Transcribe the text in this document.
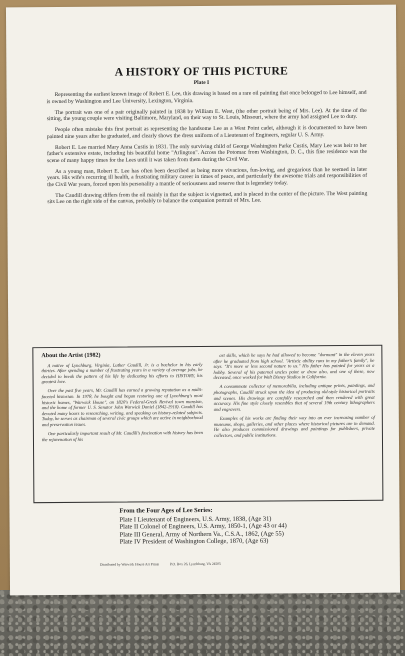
A HISTORY OF THIS PICTURE
Plate I

Representing the earliest known image of Robert E. Lee, this drawing is based on a rare oil painting that once belonged to Lee himself, and is owned by Washington and Lee University, Lexington, Virginia.

The portrait was one of a pair originally painted in 1838 by William E. West, (the other portrait being of Mrs. Lee). At the time of the sitting, the young couple were visiting Baltimore, Maryland, on their way to St. Louis, Missouri, where the army had assigned Lee to duty.

People often mistake this first portrait as representing the handsome Lee as a West Point cadet, although it is documented to have been painted nine years after he graduated, and clearly shows the dress uniform of a Lieutenant of Engineers, regular U. S. Army.

Robert E. Lee married Mary Anna Custis in 1831. The only surviving child of George Washington Parke Custis, Mary Lee was heir to her father's extensive estate, including his beautiful home "Arlington". Across the Potomac from Washington, D. C., this fine residence was the scene of many happy times for the Lees until it was taken from them during the Civil War.

As a young man, Robert E. Lee has often been described as being more vivacious, fun-loving, and gregarious than he seemed in later years. His wife's recurring ill health, a frustrating military career in times of peace, and particularly the awesome trials and responsibilities of the Civil War years, forced upon his personality a mantle of seriousness and reserve that is legendary today.

The Caudill drawing differs from the oil mainly in that the subject is vignetted, and is placed in the center of the picture. The West painting sits Lee on the right side of the canvas, probably to balance the companion portrait of Mrs. Lee.

About the Artist (1982)

A native of Lynchburg, Virginia, Luther Caudill, Jr. is a bachelor in his early thirties. After spending a number of frustrating years in a variety of average jobs, he decided to break the pattern of his life by dedicating his efforts to HISTORY, his greatest love.

Over the past five years, Mr. Caudill has earned a growing reputation as a multi-faceted historian. In 1978, he bought and began restoring one of Lynchburg's most historic homes, "Warwick House", an 1820's Federal-Greek Revival town mansion, and the home of former U. S. Senator John Warwick Daniel (1842-1910). Caudill has devoted many hours to researching, writing, and speaking on history-related subjects. Today, he serves as chairman of several civic groups which are active in neighborhood and preservation issues.

One particularly important result of Mr. Caudill's fascination with history has been the rejuvenation of his

art skills, which he says he had allowed to become "dormant" in the eleven years after he graduated from high school. "Artistic ability runs in my father's family", he says. "It's more or less second nature to us." His father has painted for years as a hobby. Several of his paternal uncles paint or draw also, and one of these, now deceased, once worked for Walt Disney Studios in California.

A consummate collector of memorabilia, including antique prints, paintings, and photographs, Caudill struck upon the idea of producing old-style historical portraits and scenes. His drawings are carefully researched and then rendered with great accuracy. His fine style closely resembles that of several 19th century lithographers and engravers.

Examples of his works are finding their way into an ever increasing number of museums, shops, galleries, and other places where historical pictures are in demand. He also produces commissioned drawings and paintings for publishers, private collectors, and public institutions.

From the Four Ages of Lee Series:
Plate I Lieutenant of Engineers, U.S. Army, 1838, (Age 31)
Plate II Colonel of Engineers, U.S. Army, 1850-1, (Age 43 or 44)
Plate III General, Army of Northern Va., C.S.A., 1862, (Age 55)
Plate IV President of Washington College, 1870, (Age 63)
Distributed by Warwick House Art Prints	P.O. Box 26, Lynchburg, VA 24505
